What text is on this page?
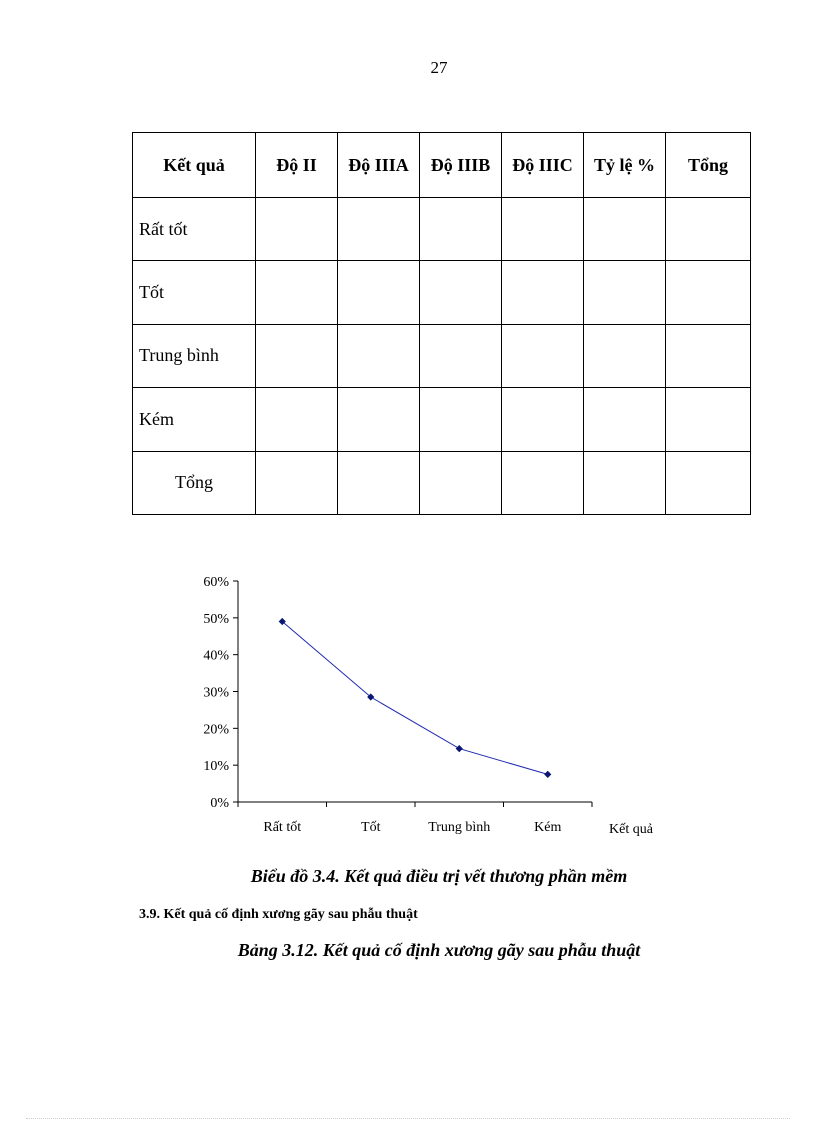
27
Kết quả	Độ II	Độ IIIA	Độ IIIB	Độ IIIC	Tỷ lệ %	Tổng
Rất tốt						
Tốt						
Trung bình						
Kém						
Tổng						
0%
10%
20%
30%
40%
50%
60%
Rất tốt	Tốt	Trung bình	Kém	Kết quả
Biểu đồ 3.4. Kết quả điều trị vết thương phần mềm
3.9. Kết quả cố định xương gãy sau phẫu thuật
Bảng 3.12. Kết quả cố định xương gãy sau phẫu thuật
